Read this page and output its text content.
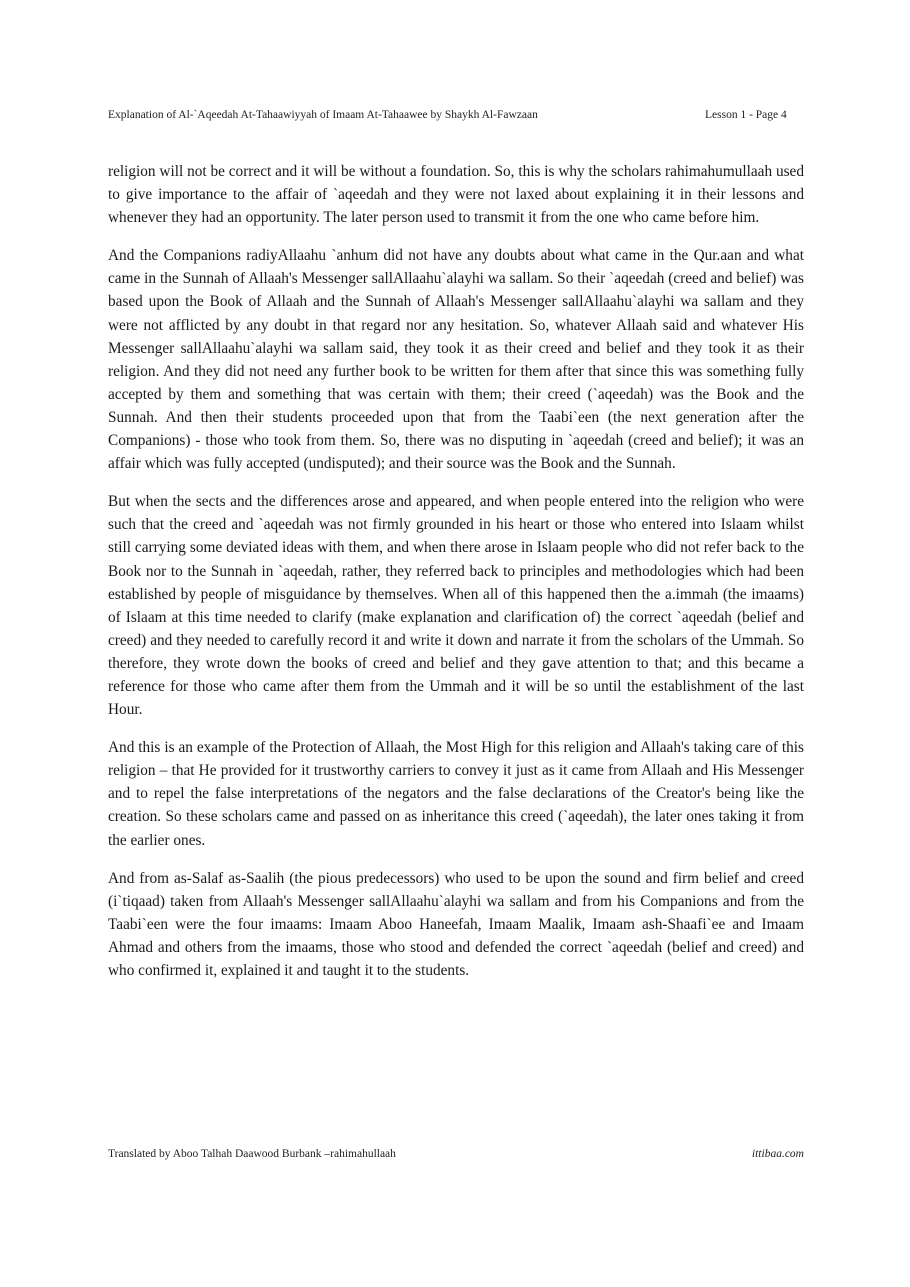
Explanation of Al-`Aqeedah At-Tahaawiyyah of Imaam At-Tahaawee by Shaykh Al-Fawzaan	Lesson 1 - Page 4

religion will not be correct and it will be without a foundation. So, this is why the scholars rahimahumullaah used to give importance to the affair of `aqeedah and they were not laxed about explaining it in their lessons and whenever they had an opportunity. The later person used to transmit it from the one who came before him.

And the Companions radiyAllaahu `anhum did not have any doubts about what came in the Qur.aan and what came in the Sunnah of Allaah's Messenger sallAllaahu`alayhi wa sallam. So their `aqeedah (creed and belief) was based upon the Book of Allaah and the Sunnah of Allaah's Messenger sallAllaahu`alayhi wa sallam and they were not afflicted by any doubt in that regard nor any hesitation. So, whatever Allaah said and whatever His Messenger sallAllaahu`alayhi wa sallam said, they took it as their creed and belief and they took it as their religion. And they did not need any further book to be written for them after that since this was something fully accepted by them and something that was certain with them; their creed (`aqeedah) was the Book and the Sunnah. And then their students proceeded upon that from the Taabi`een (the next generation after the Companions) - those who took from them. So, there was no disputing in `aqeedah (creed and belief); it was an affair which was fully accepted (undisputed); and their source was the Book and the Sunnah.

But when the sects and the differences arose and appeared, and when people entered into the religion who were such that the creed and `aqeedah was not firmly grounded in his heart or those who entered into Islaam whilst still carrying some deviated ideas with them, and when there arose in Islaam people who did not refer back to the Book nor to the Sunnah in `aqeedah, rather, they referred back to principles and methodologies which had been established by people of misguidance by themselves. When all of this happened then the a.immah (the imaams) of Islaam at this time needed to clarify (make explanation and clarification of) the correct `aqeedah (belief and creed) and they needed to carefully record it and write it down and narrate it from the scholars of the Ummah. So therefore, they wrote down the books of creed and belief and they gave attention to that; and this became a reference for those who came after them from the Ummah and it will be so until the establishment of the last Hour.

And this is an example of the Protection of Allaah, the Most High for this religion and Allaah's taking care of this religion – that He provided for it trustworthy carriers to convey it just as it came from Allaah and His Messenger and to repel the false interpretations of the negators and the false declarations of the Creator's being like the creation. So these scholars came and passed on as inheritance this creed (`aqeedah), the later ones taking it from the earlier ones.

And from as-Salaf as-Saalih (the pious predecessors) who used to be upon the sound and firm belief and creed (i`tiqaad) taken from Allaah's Messenger sallAllaahu`alayhi wa sallam and from his Companions and from the Taabi`een were the four imaams: Imaam Aboo Haneefah, Imaam Maalik, Imaam ash-Shaafi`ee and Imaam Ahmad and others from the imaams, those who stood and defended the correct `aqeedah (belief and creed) and who confirmed it, explained it and taught it to the students.

Translated by Aboo Talhah Daawood Burbank –rahimahullaah	ittibaa.com
